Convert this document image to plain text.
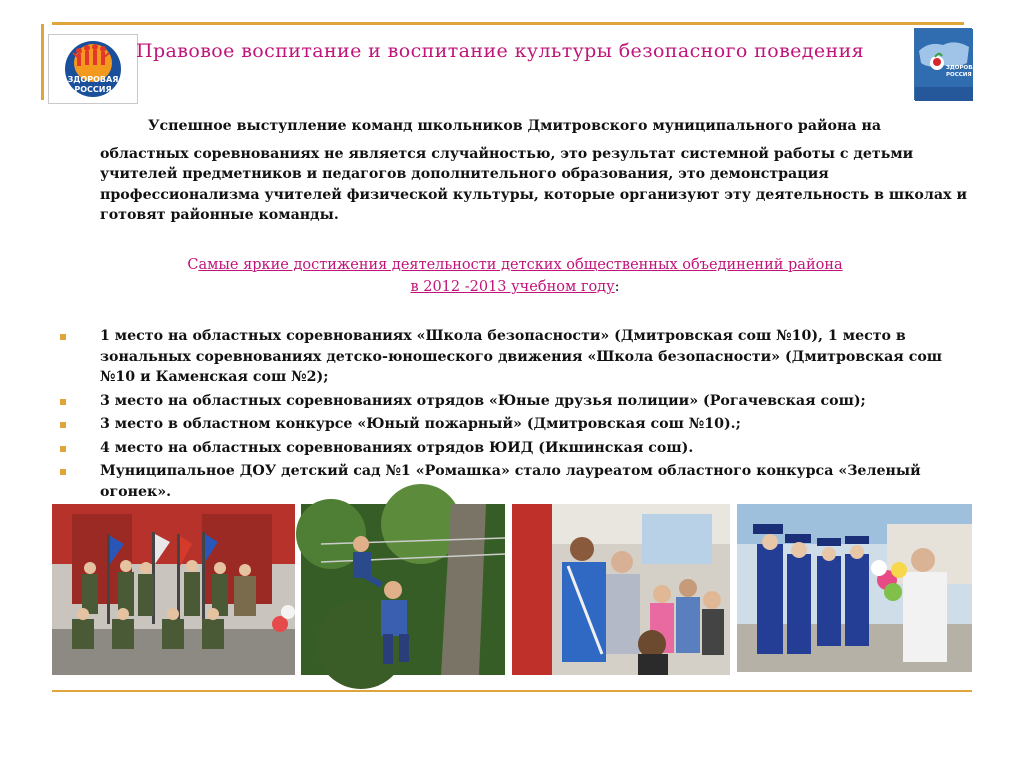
ЗДОРОВАЯ
РОССИЯ
Правовое воспитание и воспитание культуры безопасного поведения
ЗДОРОВАЯ
РОССИЯ

Успешное выступление команд школьников Дмитровского муниципального района на

областных соревнованиях не является случайностью, это результат системной работы с детьми учителей предметников и педагогов дополнительного образования, это демонстрация профессионализма учителей физической культуры, которые организуют эту деятельность в школах и готовят районные команды.

Самые яркие достижения деятельности детских общественных объединений района
в 2012 -2013 учебном году:
1 место на областных соревнованиях «Школа безопасности» (Дмитровская сош №10), 1 место в зональных соревнованиях детско-юношеского движения «Школа безопасности» (Дмитровская сош №10 и Каменская сош №2);
3 место на областных соревнованиях отрядов «Юные друзья полиции» (Рогачевская сош);
3 место в областном конкурсе «Юный пожарный» (Дмитровская сош №10).;
4 место на областных соревнованиях отрядов ЮИД (Икшинская сош).
Муниципальное ДОУ детский сад №1 «Ромашка» стало лауреатом областного конкурса «Зеленый огонек».
